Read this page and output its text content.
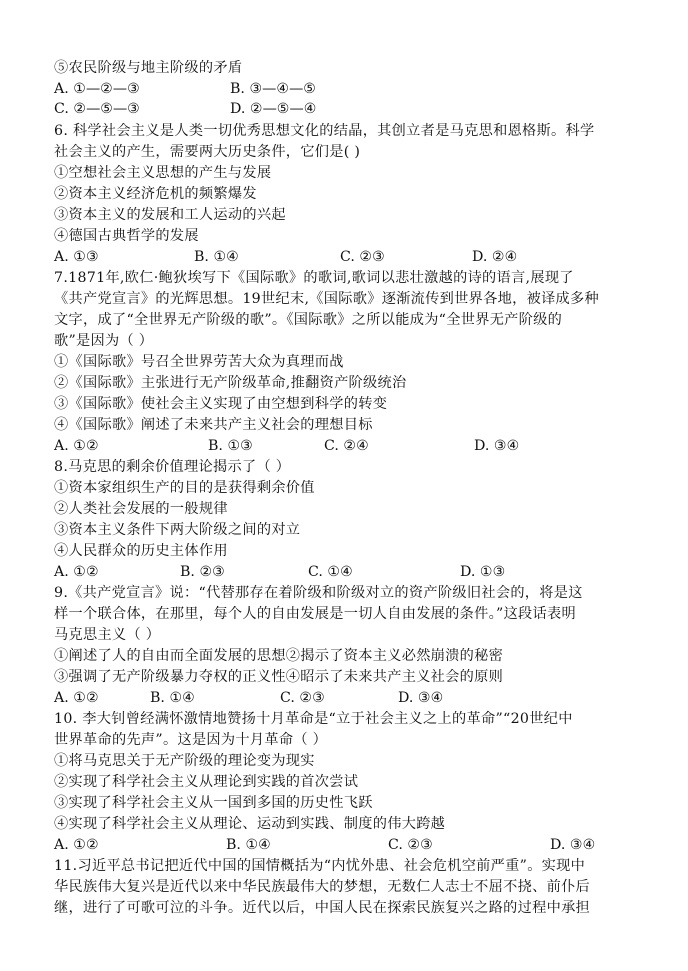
⑤农民阶级与地主阶级的矛盾
A. ①—②—③	B. ③—④—⑤
C. ②—⑤—③	D. ②—⑤—④
6. 科学社会主义是人类一切优秀思想文化的结晶，其创立者是马克思和恩格斯。科学
社会主义的产生，需要两大历史条件，它们是( )
①空想社会主义思想的产生与发展
②资本主义经济危机的频繁爆发
③资本主义的发展和工人运动的兴起
④德国古典哲学的发展
A. ①③	B. ①④	C. ②③	D. ②④
7.1871年,欧仁·鲍狄埃写下《国际歌》的歌词,歌词以悲壮激越的诗的语言,展现了
《共产党宣言》的光辉思想。19世纪末,《国际歌》逐渐流传到世界各地，被译成多种
文字，成了“全世界无产阶级的歌”。《国际歌》之所以能成为“全世界无产阶级的
歌”是因为（ ）
①《国际歌》号召全世界劳苦大众为真理而战
②《国际歌》主张进行无产阶级革命,推翻资产阶级统治
③《国际歌》使社会主义实现了由空想到科学的转变
④《国际歌》阐述了未来共产主义社会的理想目标
A. ①②	B. ①③	C. ②④	D. ③④
8.马克思的剩余价值理论揭示了（ ）
①资本家组织生产的目的是获得剩余价值
②人类社会发展的一般规律
③资本主义条件下两大阶级之间的对立
④人民群众的历史主体作用
A. ①②	B. ②③	C. ①④	D. ①③
9.《共产党宣言》说：“代替那存在着阶级和阶级对立的资产阶级旧社会的，将是这
样一个联合体，在那里，每个人的自由发展是一切人自由发展的条件。”这段话表明
马克思主义（ ）
①阐述了人的自由而全面发展的思想②揭示了资本主义必然崩溃的秘密
③强调了无产阶级暴力夺权的正义性④昭示了未来共产主义社会的原则
A. ①②	B. ①④	C. ②③	D. ③④
10. 李大钊曾经满怀激情地赞扬十月革命是“立于社会主义之上的革命”“20世纪中
世界革命的先声”。这是因为十月革命（ ）
①将马克思关于无产阶级的理论变为现实
②实现了科学社会主义从理论到实践的首次尝试
③实现了科学社会主义从一国到多国的历史性飞跃
④实现了科学社会主义从理论、运动到实践、制度的伟大跨越
A. ①②	B. ①④	C. ②③	D. ③④
11.习近平总书记把近代中国的国情概括为“内忧外患、社会危机空前严重”。实现中
华民族伟大复兴是近代以来中华民族最伟大的梦想，无数仁人志士不屈不挠、前仆后
继，进行了可歌可泣的斗争。近代以后，中国人民在探索民族复兴之路的过程中承担
